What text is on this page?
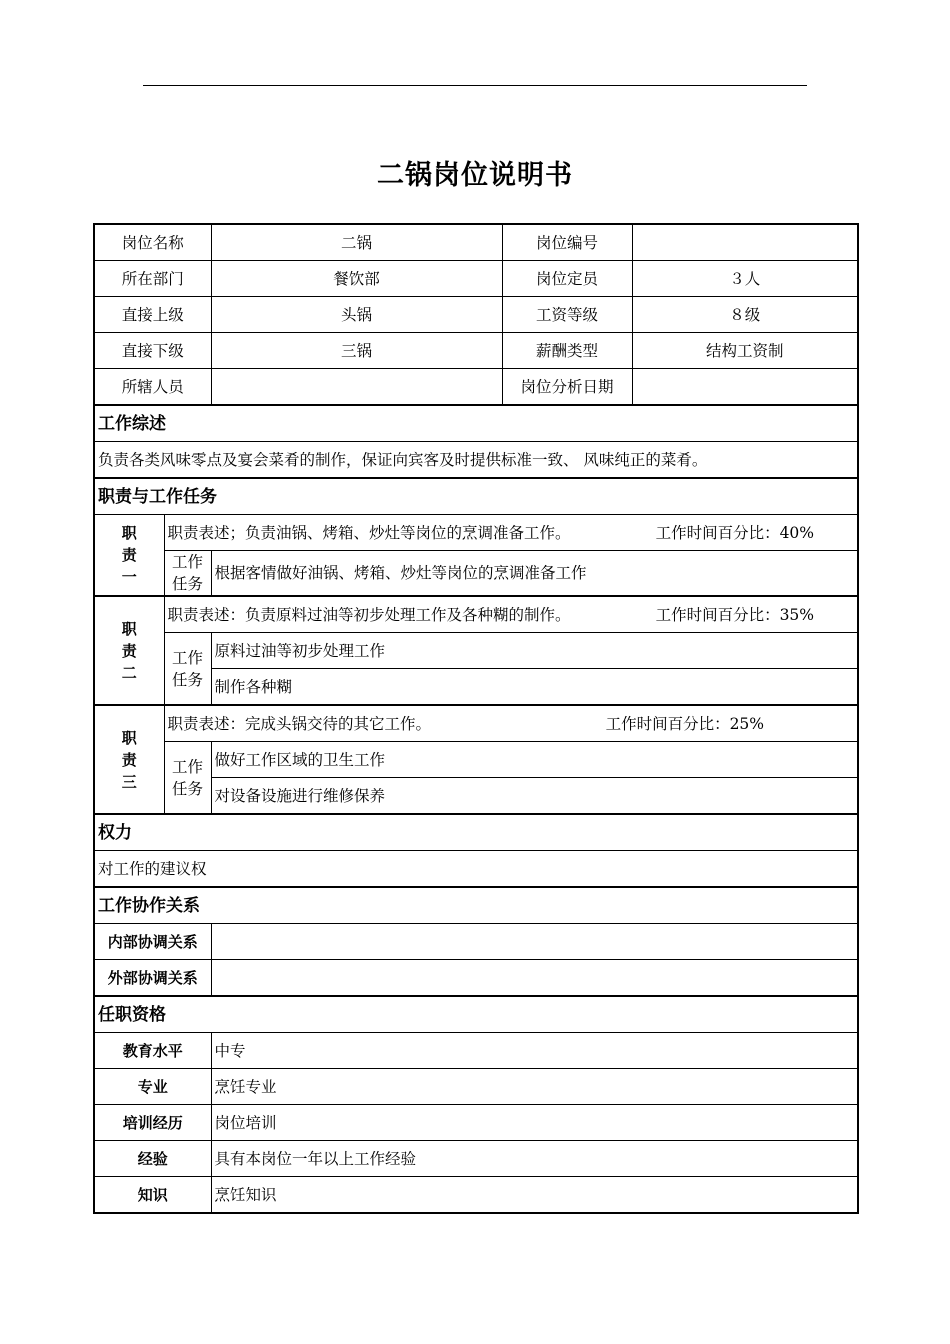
二锅岗位说明书
岗位名称		二锅	岗位编号	
所在部门		餐饮部	岗位定员	３人
直接上级		头锅	工资等级	８级
直接下级		三锅	薪酬类型	结构工资制
所辖人员			岗位分析日期	
工作综述				
负责各类风味零点及宴会菜肴的制作，保证向宾客及时提供标准一致、 风味纯正的菜肴。				
职责与工作任务				
职责一	职责表述；负责油锅、烤箱、炒灶等岗位的烹调准备工作。 工作时间百分比：40%			

	工作任务	根据客情做好油锅、烤箱、炒灶等岗位的烹调准备工作		
职责二	职责表述：负责原料过油等初步处理工作及各种糊的制作。 工作时间百分比：35%			

	工作任务	原料过油等初步处理工作		
		制作各种糊		
职责三	职责表述：完成头锅交待的其它工作。 工作时间百分比：25%			

	工作任务	做好工作区域的卫生工作		
		对设备设施进行维修保养		
权力				
对工作的建议权				
工作协作关系				
内部协调关系				
外部协调关系				
任职资格				
教育水平		中专		
专业		烹饪专业		
培训经历		岗位培训		
经验		具有本岗位一年以上工作经验		
知识		烹饪知识		
